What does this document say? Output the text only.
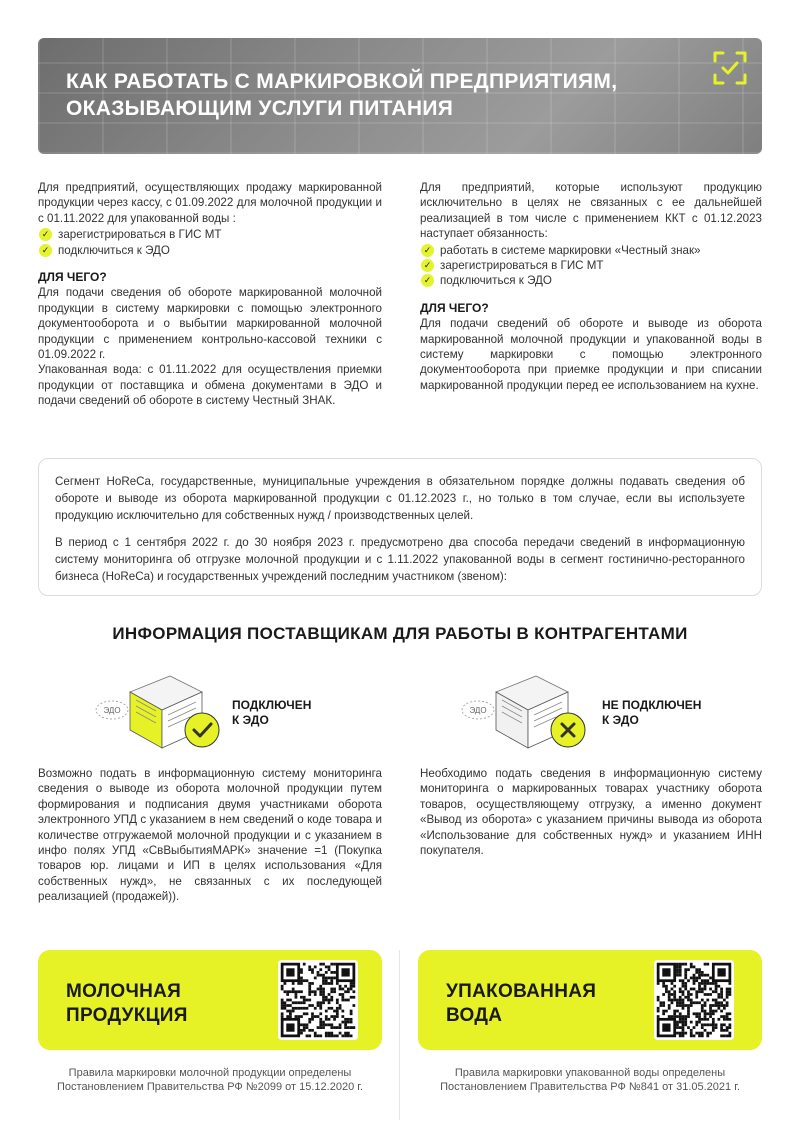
КАК РАБОТАТЬ С МАРКИРОВКОЙ ПРЕДПРИЯТИЯМ, ОКАЗЫВАЮЩИМ УСЛУГИ ПИТАНИЯ

Для предприятий, осуществляющих продажу маркированной продукции через кассу, с 01.09.2022 для молочной продукции и с 01.11.2022 для упакованной воды :

✓ зарегистрироваться в ГИС МТ
✓ подключиться к ЭДО

ДЛЯ ЧЕГО?

Для подачи сведения об обороте маркированной молочной продукции в систему маркировки с помощью электронного документооборота и о выбытии маркированной молочной продукции с применением контрольно-кассовой техники с 01.09.2022 г.

Упакованная вода: с 01.11.2022 для осуществления приемки продукции от поставщика и обмена документами в ЭДО и подачи сведений об обороте в систему Честный ЗНАК.

Для предприятий, которые используют продукцию исключительно в целях не связанных с ее дальнейшей реализацией в том числе с применением ККТ с 01.12.2023 наступает обязанность:

✓ работать в системе маркировки «Честный знак»
✓ зарегистрироваться в ГИС МТ
✓ подключиться к ЭДО

ДЛЯ ЧЕГО?

Для подачи сведений об обороте и выводе из оборота маркированной молочной продукции и упакованной воды в систему маркировки с помощью электронного документооборота при приемке продукции и при списании маркированной продукции перед ее использованием на кухне.

Сегмент HoReCa, государственные, муниципальные учреждения в обязательном порядке должны подавать сведения об обороте и выводе из оборота маркированной продукции с 01.12.2023 г., но только в том случае, если вы используете продукцию исключительно для собственных нужд / производственных целей.

В период с 1 сентября 2022 г. до 30 ноября 2023 г. предусмотрено два способа передачи сведений в информационную систему мониторинга об отгрузке молочной продукции и с 1.11.2022 упакованной воды в сегмент гостинично-ресторанного бизнеса (HoReCa) и государственных учреждений последним участником (звеном):

ИНФОРМАЦИЯ ПОСТАВЩИКАМ ДЛЯ РАБОТЫ В КОНТРАГЕНТАМИ
ЭДО	ПОДКЛЮЧЕН
К ЭДО
ЭДО	НЕ ПОДКЛЮЧЕН
К ЭДО

Возможно подать в информационную систему мониторинга сведения о выводе из оборота молочной продукции путем формирования и подписания двумя участниками оборота электронного УПД с указанием в нем сведений о коде товара и количестве отгружаемой молочной продукции и с указанием в инфо полях УПД «СвВыбытияМАРК» значение =1 (Покупка товаров юр. лицами и ИП в целях использования «Для собственных нужд», не связанных с их последующей реализацией (продажей)).

Необходимо подать сведения в информационную систему мониторинга о маркированных товарах участнику оборота товаров, осуществляющему отгрузку, а именно документ «Вывод из оборота» с указанием причины вывода из оборота «Использование для собственных нужд» и указанием ИНН покупателя.

МОЛОЧНАЯ
ПРОДУКЦИЯ
УПАКОВАННАЯ
ВОДА
Правила маркировки молочной продукции определены Постановлением Правительства РФ №2099 от 15.12.2020 г.
Правила маркировки упакованной воды определены Постановлением Правительства РФ №841 от 31.05.2021 г.
